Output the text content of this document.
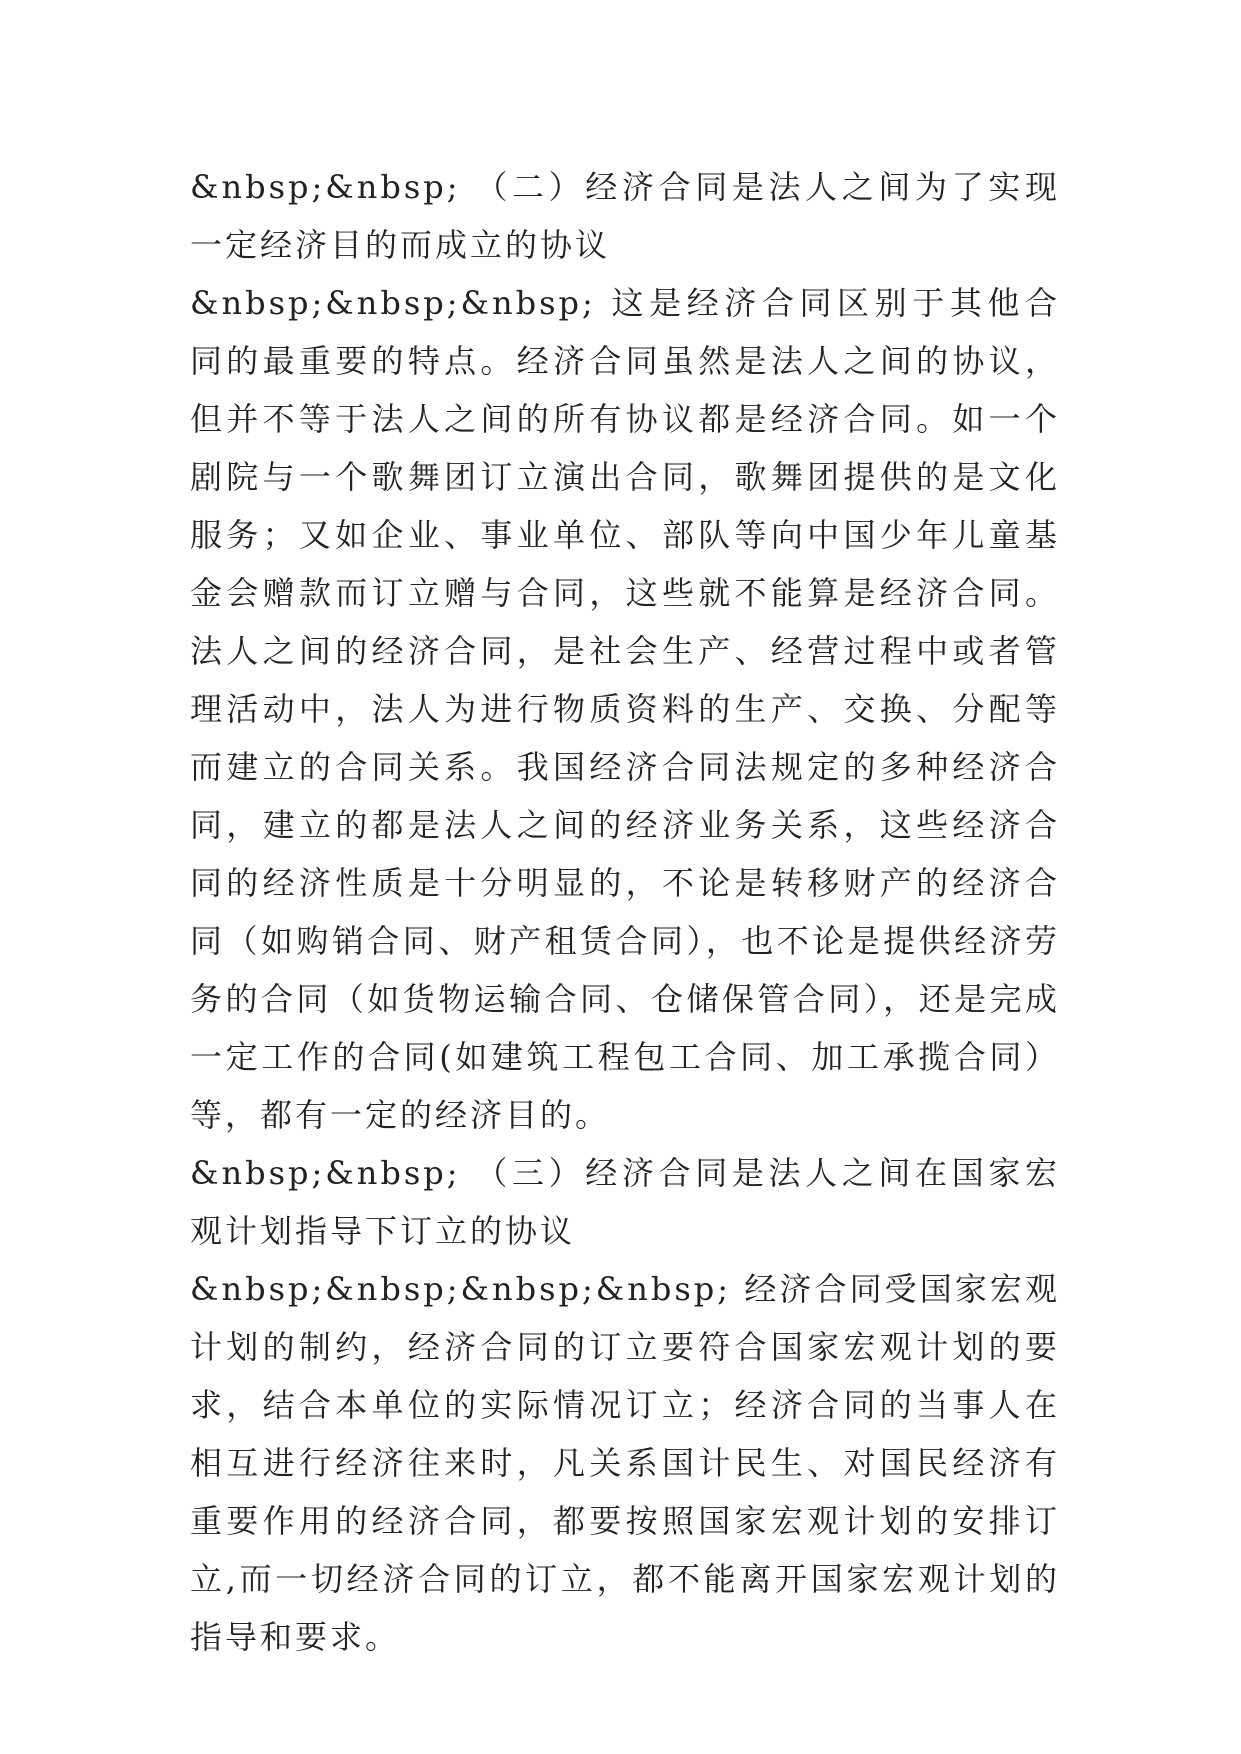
&nbsp;&nbsp; （二）经济合同是法人之间为了实现一定经济目的而成立的协议

&nbsp;&nbsp;&nbsp; 这是经济合同区别于其他合同的最重要的特点。经济合同虽然是法人之间的协议，但并不等于法人之间的所有协议都是经济合同。如一个剧院与一个歌舞团订立演出合同，歌舞团提供的是文化服务；又如企业、事业单位、部队等向中国少年儿童基金会赠款而订立赠与合同，这些就不能算是经济合同。法人之间的经济合同，是社会生产、经营过程中或者管理活动中，法人为进行物质资料的生产、交换、分配等而建立的合同关系。我国经济合同法规定的多种经济合同，建立的都是法人之间的经济业务关系，这些经济合同的经济性质是十分明显的，不论是转移财产的经济合同（如购销合同、财产租赁合同），也不论是提供经济劳务的合同（如货物运输合同、仓储保管合同），还是完成一定工作的合同(如建筑工程包工合同、加工承揽合同）等，都有一定的经济目的。

&nbsp;&nbsp; （三）经济合同是法人之间在国家宏观计划指导下订立的协议

&nbsp;&nbsp;&nbsp;&nbsp; 经济合同受国家宏观计划的制约，经济合同的订立要符合国家宏观计划的要求，结合本单位的实际情况订立；经济合同的当事人在相互进行经济往来时，凡关系国计民生、对国民经济有重要作用的经济合同，都要按照国家宏观计划的安排订立,而一切经济合同的订立，都不能离开国家宏观计划的指导和要求。
